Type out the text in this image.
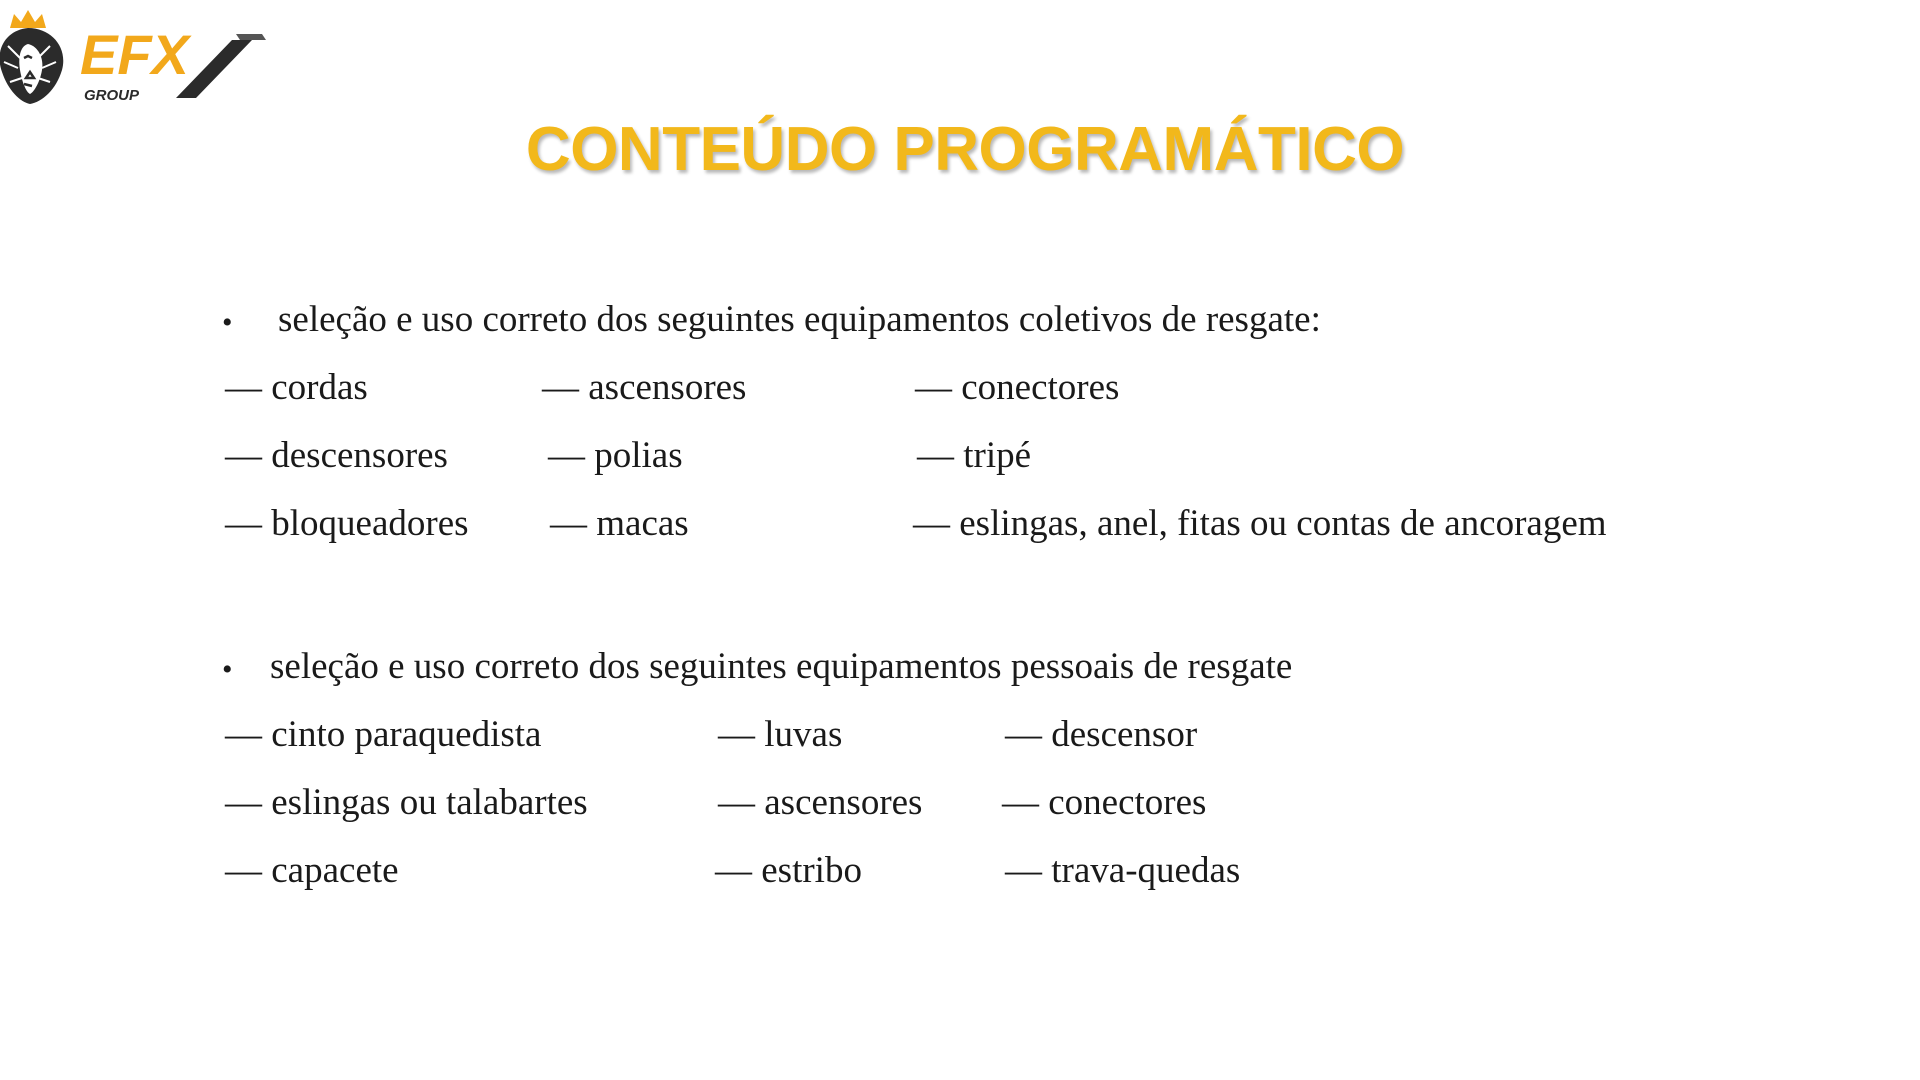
EFX
GROUP
CONTEÚDO PROGRAMÁTICO
• seleção e uso correto dos seguintes equipamentos coletivos de resgate:
— cordas	— ascensores	— conectores
— descensores	— polias	— tripé
— bloqueadores — macas	— eslingas, anel, fitas ou contas de ancoragem
• seleção e uso correto dos seguintes equipamentos pessoais de resgate
— cinto paraquedista	— luvas	— descensor
— eslingas ou talabartes	— ascensores — conectores
— capacete	— estribo	— trava-quedas
